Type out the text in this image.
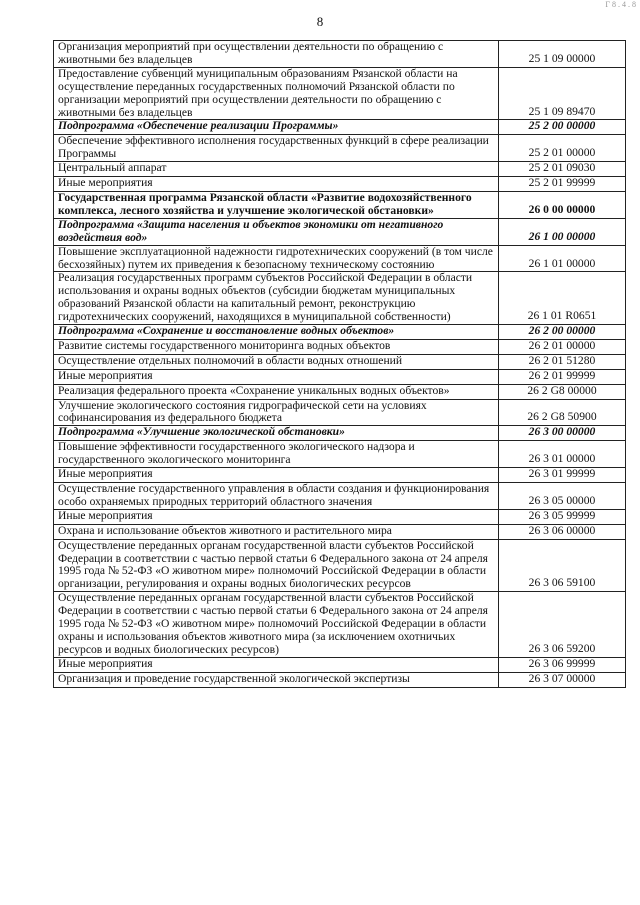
8
Г 8 . 4 . 8
Организация мероприятий при осуществлении деятельности по обращению с животными без владельцев	25 1 09 00000
Предоставление субвенций муниципальным образованиям Рязанской области на осуществление переданных государственных полномочий Рязанской области по организации мероприятий при осуществлении деятельности по обращению с животными без владельцев	25 1 09 89470
Подпрограмма «Обеспечение реализации Программы»	25 2 00 00000
Обеспечение эффективного исполнения государственных функций в сфере реализации Программы	25 2 01 00000
Центральный аппарат	25 2 01 09030
Иные мероприятия	25 2 01 99999
Государственная программа Рязанской области «Развитие водохозяйственного комплекса, лесного хозяйства и улучшение экологической обстановки»	26 0 00 00000
Подпрограмма «Защита населения и объектов экономики от негативного воздействия вод»	26 1 00 00000
Повышение эксплуатационной надежности гидротехнических сооружений (в том числе бесхозяйных) путем их приведения к безопасному техническому состоянию	26 1 01 00000
Реализация государственных программ субъектов Российской Федерации в области использования и охраны водных объектов (субсидии бюджетам муниципальных образований Рязанской области на капитальный ремонт, реконструкцию гидротехнических сооружений, находящихся в муниципальной собственности)	26 1 01 R0651
Подпрограмма «Сохранение и восстановление водных объектов»	26 2 00 00000
Развитие системы государственного мониторинга водных объектов	26 2 01 00000
Осуществление отдельных полномочий в области водных отношений	26 2 01 51280
Иные мероприятия	26 2 01 99999
Реализация федерального проекта «Сохранение уникальных водных объектов»	26 2 G8 00000
Улучшение экологического состояния гидрографической сети на условиях софинансирования из федерального бюджета	26 2 G8 50900
Подпрограмма «Улучшение экологической обстановки»	26 3 00 00000
Повышение эффективности государственного экологического надзора и государственного экологического мониторинга	26 3 01 00000
Иные мероприятия	26 3 01 99999
Осуществление государственного управления в области создания и функционирования особо охраняемых природных территорий областного значения	26 3 05 00000
Иные мероприятия	26 3 05 99999
Охрана и использование объектов животного и растительного мира	26 3 06 00000
Осуществление переданных органам государственной власти субъектов Российской Федерации в соответствии с частью первой статьи 6 Федерального закона от 24 апреля 1995 года № 52-ФЗ «О животном мире» полномочий Российской Федерации в области организации, регулирования и охраны водных биологических ресурсов	26 3 06 59100
Осуществление переданных органам государственной власти субъектов Российской Федерации в соответствии с частью первой статьи 6 Федерального закона от 24 апреля 1995 года № 52-ФЗ «О животном мире» полномочий Российской Федерации в области охраны и использования объектов животного мира (за исключением охотничьих ресурсов и водных биологических ресурсов)	26 3 06 59200
Иные мероприятия	26 3 06 99999
Организация и проведение государственной экологической экспертизы	26 3 07 00000
